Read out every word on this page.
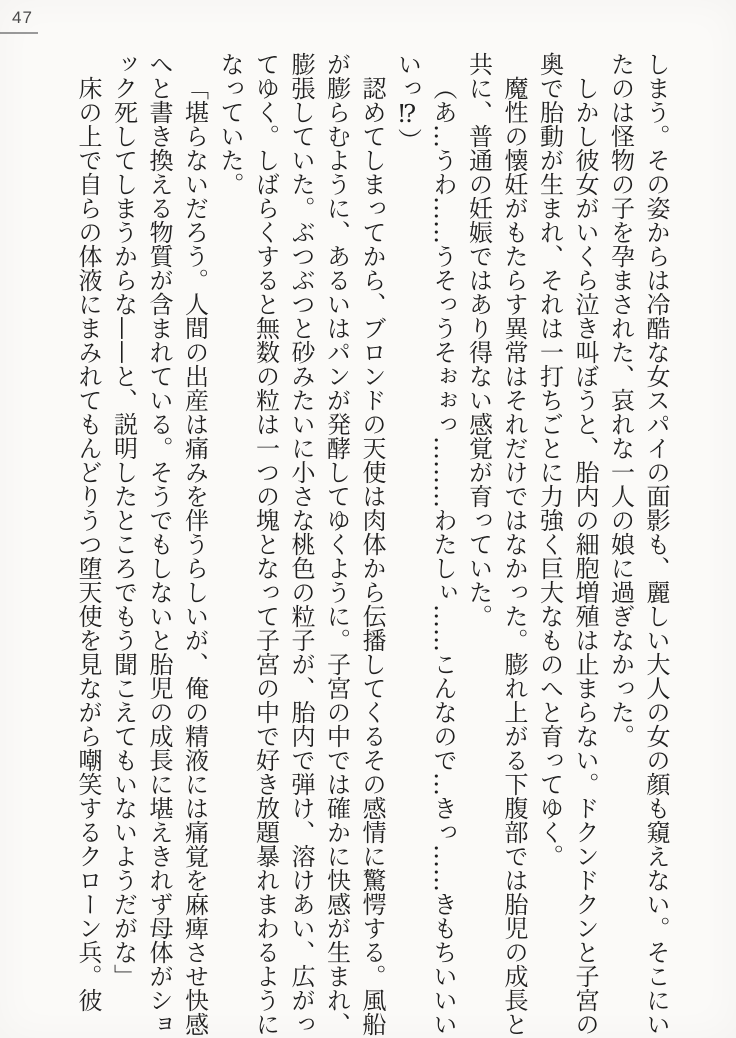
47

しまう。その姿からは冷酷な女スパイの面影も、麗しい大人の女の顔も窺えない。そこにいたのは怪物の子を孕まされた、哀れな一人の娘に過ぎなかった。

しかし彼女がいくら泣き叫ぼうと、胎内の細胞増殖は止まらない。ドクンドクンと子宮の奥で胎動が生まれ、それは一打ちごとに力強く巨大なものへと育ってゆく。

魔性の懐妊がもたらす異常はそれだけではなかった。膨れ上がる下腹部では胎児の成長と共に、普通の妊娠ではあり得ない感覚が育っていた。

（あ…うわ……うそっうそぉぉっ………わたしぃ……こんなので…きっ……きもちいいいいっ⁉）

認めてしまってから、ブロンドの天使は肉体から伝播してくるその感情に驚愕する。風船が膨らむように、あるいはパンが発酵してゆくように。子宮の中では確かに快感が生まれ、膨張していた。ぶつぶつと砂みたいに小さな桃色の粒子が、胎内で弾け、溶けあい、広がってゆく。しばらくすると無数の粒は一つの塊となって子宮の中で好き放題暴れまわるようになっていた。

「堪らないだろう。人間の出産は痛みを伴うらしいが、俺の精液には痛覚を麻痺させ快感へと書き換える物質が含まれている。そうでもしないと胎児の成長に堪えきれず母体がショック死してしまうからな——と、説明したところでもう聞こえてもいないようだがな」

床の上で自らの体液にまみれてもんどりうつ堕天使を見ながら嘲笑するクローン兵。彼
